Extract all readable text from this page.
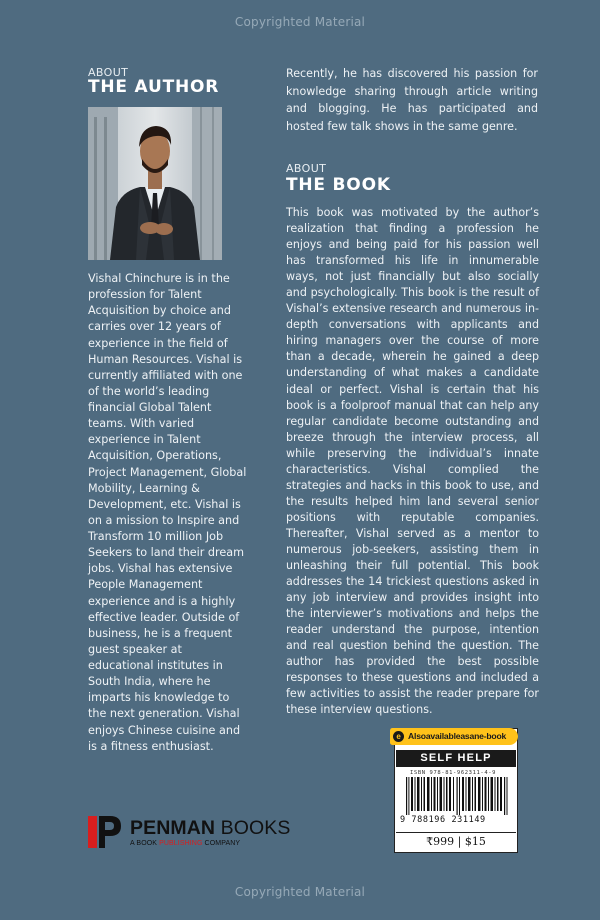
Copyrighted Material
ABOUT
THE AUTHOR
Vishal Chinchure is in the profession for Talent Acquisition by choice and carries over 12 years of experience in the field of Human Resources. Vishal is currently affiliated with one of the world’s leading financial Global Talent teams. With varied experience in Talent Acquisition, Operations, Project Management, Global Mobility, Learning & Development, etc. Vishal is on a mission to Inspire and Transform 10 million Job Seekers to land their dream jobs. Vishal has extensive People Management experience and is a highly effective leader. Outside of business, he is a frequent guest speaker at educational institutes in South India, where he imparts his knowledge to the next generation. Vishal enjoys Chinese cuisine and is a fitness enthusiast.
Recently, he has discovered his passion for knowledge sharing through article writing and blogging. He has participated and hosted few talk shows in the same genre.
ABOUT
THE BOOK
This book was motivated by the author’s realization that finding a profession he enjoys and being paid for his passion well has transformed his life in innumerable ways, not just financially but also socially and psychologically. This book is the result of Vishal’s extensive research and numerous in-depth conversations with applicants and hiring managers over the course of more than a decade, wherein he gained a deep understanding of what makes a candidate ideal or perfect. Vishal is certain that his book is a foolproof manual that can help any regular candidate become outstanding and breeze through the interview process, all while preserving the individual’s innate characteristics. Vishal complied the strategies and hacks in this book to use, and the results helped him land several senior positions with reputable companies. Thereafter, Vishal served as a mentor to numerous job-seekers, assisting them in unleashing their full potential. This book addresses the 14 trickiest questions asked in any job interview and provides insight into the interviewer’s motivations and helps the reader understand the purpose, intention and real question behind the question. The author has provided the best possible responses to these questions and included a few activities to assist the reader prepare for these interview questions.
e Alsoavailableasane-book
SELF HELP
ISBN 978-81-962311-4-9
9 788196 231149
₹999 | $15
PENMAN BOOKS
A BOOK PUBLISHING COMPANY
Copyrighted Material
